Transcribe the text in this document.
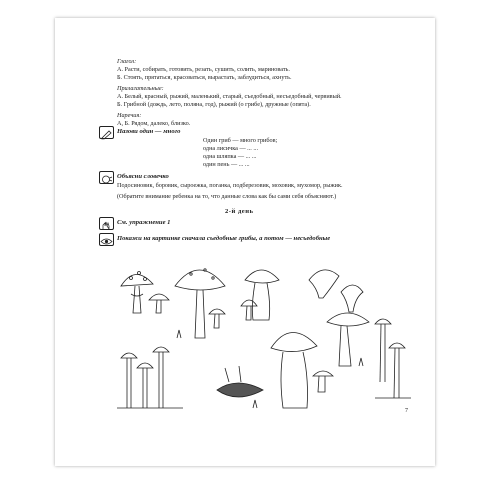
Глагол:
А. Расти, собирать, готовить, резать, сушить, солить, мариновать.
Б. Стоять, прятаться, красоваться, вырастать, заблудиться, ахнуть.
Прилагательные:
А. Белый, красный, рыжий, маленький, старый, съедобный, несъедобный, червивый.
Б. Грибной (дождь, лето, поляна, год), рыжий (о грибе), дружные (опята).
Наречия:
А, Б. Рядом, далеко, близко.
Назови один — много
Один гриб — много грибов;
одна лисичка — ... ...
одна шляпка — ... ...
один пень — ... ...
Объясни словечко
Подосиновик, боровик, сыроежка, поганка, подберезовик, моховик, мухомор, рыжик.
(Обратите внимание ребенка на то, что данные слова как бы сами себя объясняют.)
2-й день
См. упражнение 1
Покажи на картинке сначала съедобные грибы, а потом — несъедобные
7
